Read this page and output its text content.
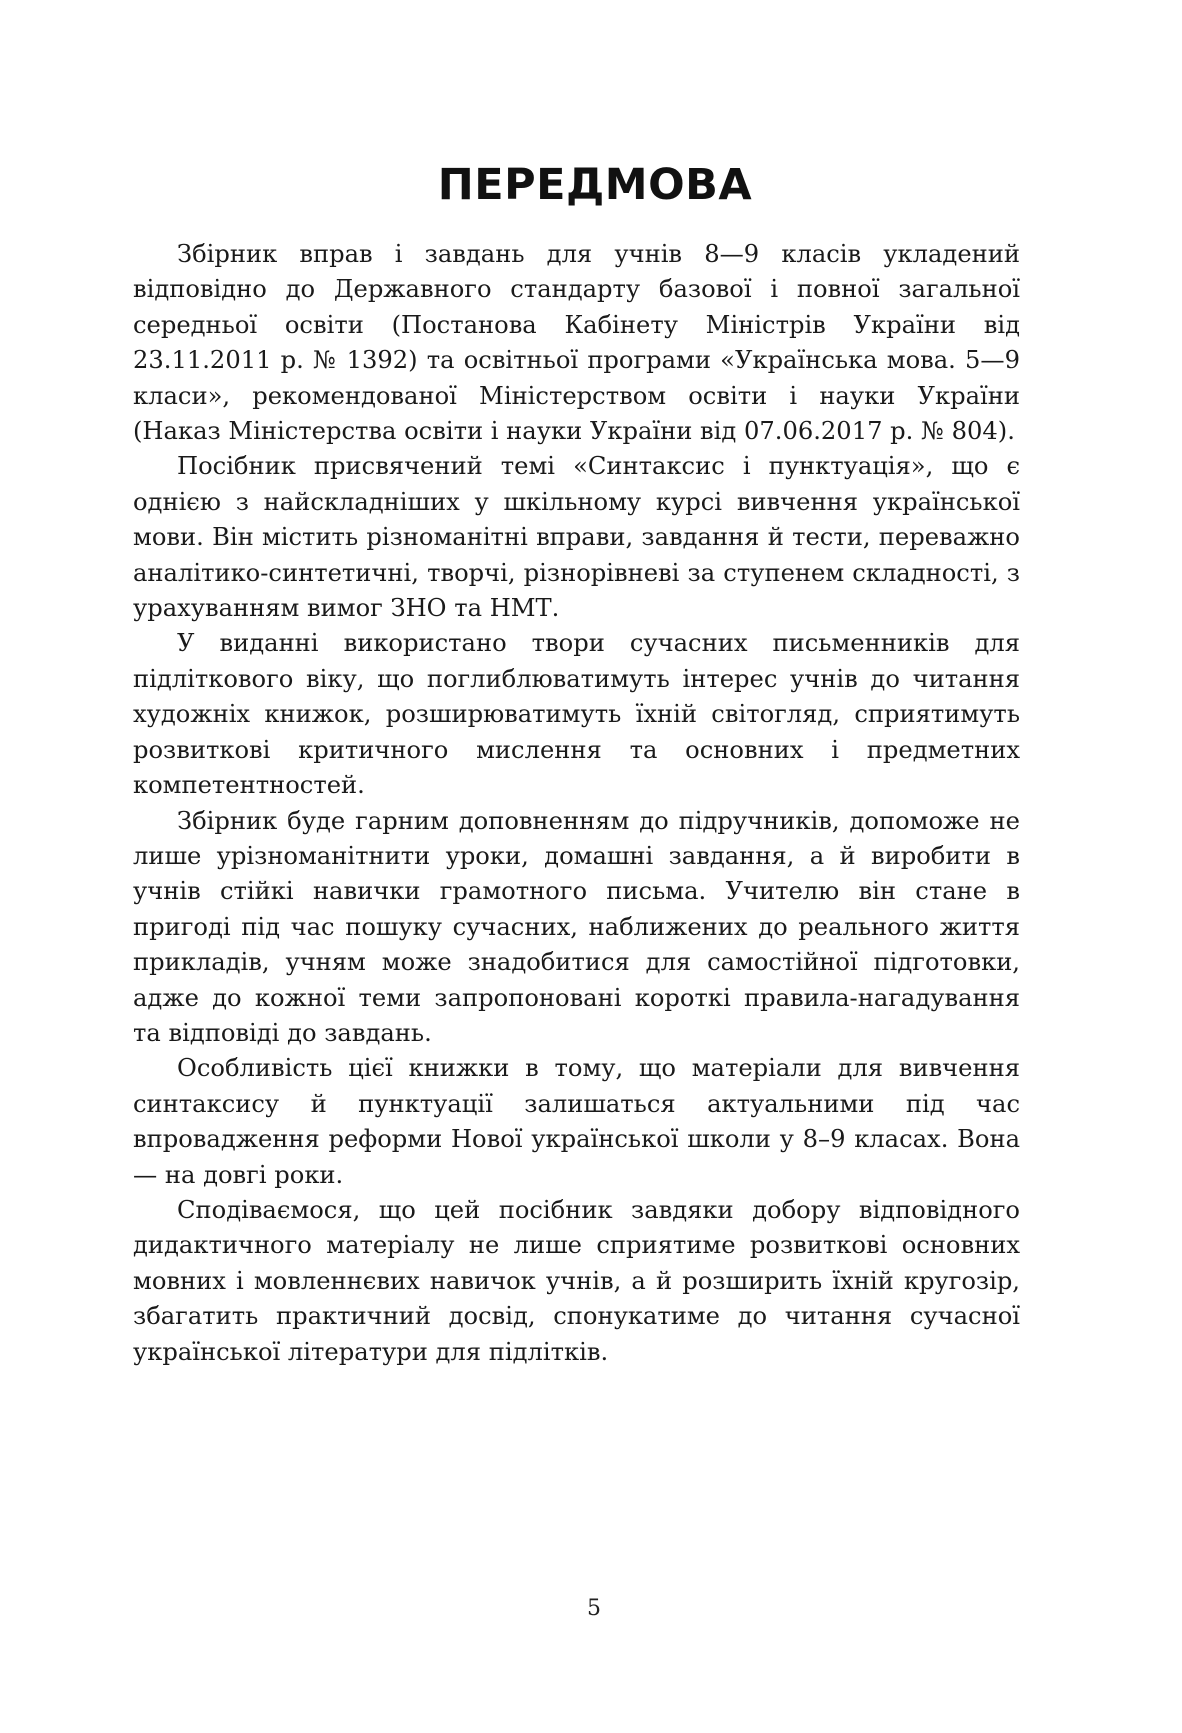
ПЕРЕДМОВА

Збірник вправ і завдань для учнів 8—9 класів укладений відповідно до Державного стандарту базової і повної загальної середньої освіти (Постанова Кабінету Міністрів України від 23.11.2011 р. № 1392) та освітньої програми «Українська мова. 5—9 класи», рекомендованої Міністерством освіти і науки України (Наказ Міністерства освіти і науки України від 07.06.2017 р. № 804).

Посібник присвячений темі «Синтаксис і пунктуація», що є однією з найскладніших у шкільному курсі вивчення української мови. Він містить різноманітні вправи, завдання й тести, переважно аналітико-синтетичні, творчі, різнорівневі за ступенем складності, з урахуванням вимог ЗНО та НМТ.

У виданні використано твори сучасних письменників для підліткового віку, що поглиблюватимуть інтерес учнів до читання художніх книжок, розширюватимуть їхній світогляд, сприятимуть розвиткові критичного мислення та основних і предметних компетентностей.

Збірник буде гарним доповненням до підручників, допоможе не лише урізноманітнити уроки, домашні завдання, а й виробити в учнів стійкі навички грамотного письма. Учителю він стане в пригоді під час пошуку сучасних, наближених до реального життя прикладів, учням може знадобитися для самостійної підготовки, адже до кожної теми запропоновані короткі правила-нагадування та відповіді до завдань.

Особливість цієї книжки в тому, що матеріали для вивчення синтаксису й пунктуації залишаться актуальними під час впровадження реформи Нової української школи у 8–9 класах. Вона — на довгі роки.

Сподіваємося, що цей посібник завдяки добору відповідного дидактичного матеріалу не лише сприятиме розвиткові основних мовних і мовленнєвих навичок учнів, а й розширить їхній кругозір, збагатить практичний досвід, спонукатиме до читання сучасної української літератури для підлітків.

5
